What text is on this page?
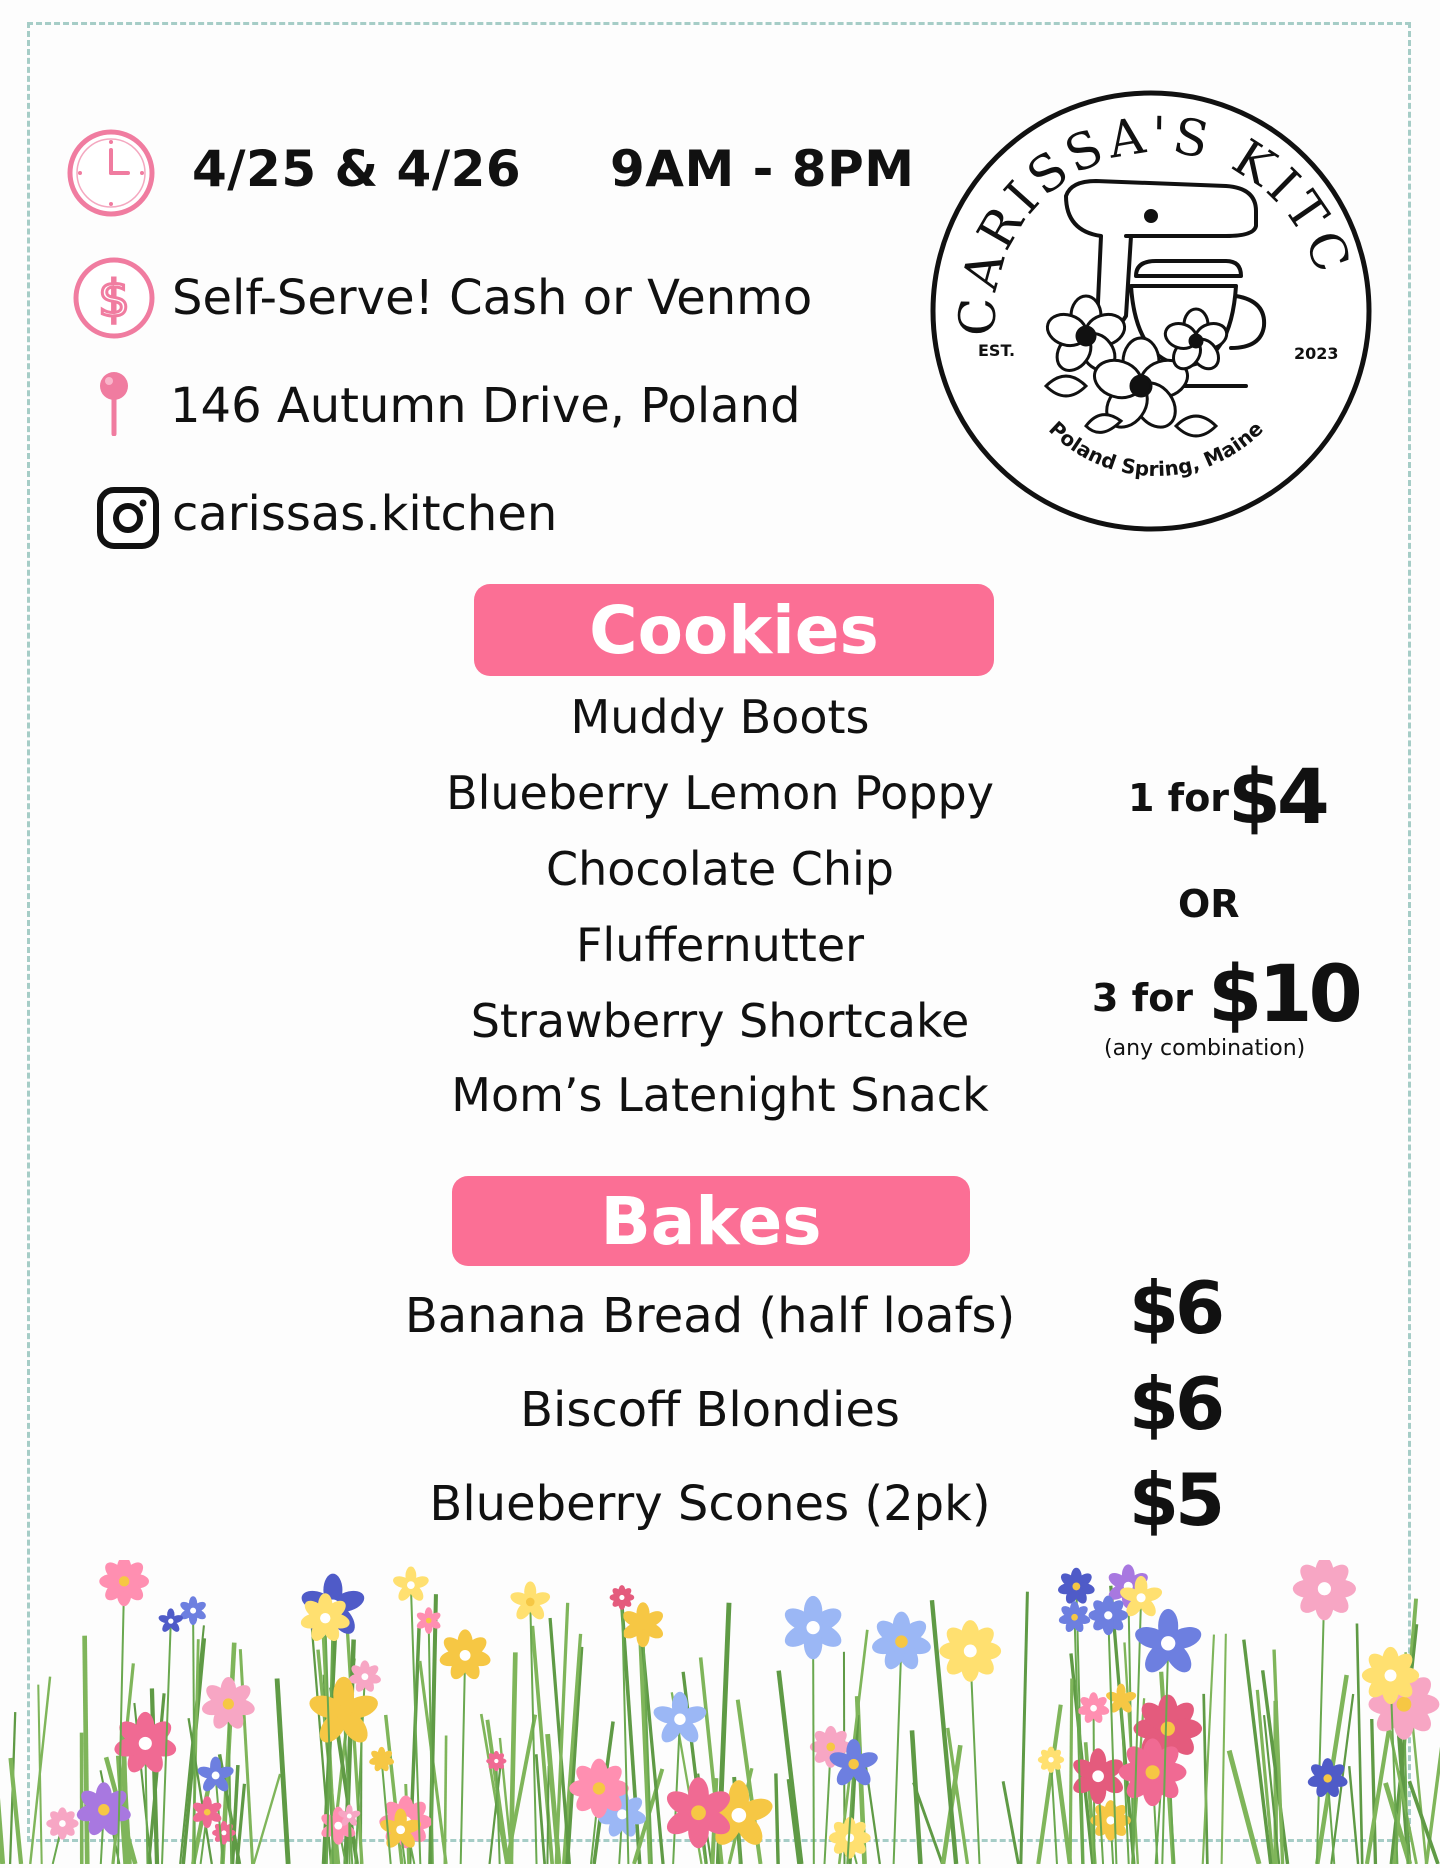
4/25 & 4/26 9AM - 8PM
$ Self-Serve! Cash or Venmo
146 Autumn Drive, Poland
carissas.kitchen
CARISSA'S KITC
EST.	2023
Poland Spring, Maine
Cookies
Muddy Boots
Blueberry Lemon Poppy
Chocolate Chip
Fluffernutter
Strawberry Shortcake
Mom’s Latenight Snack
1 for
$4
OR
3 for $10
(any combination)
Bakes
Banana Bread (half loafs)	$6
Biscoff Blondies	$6
Blueberry Scones (2pk)	$5
